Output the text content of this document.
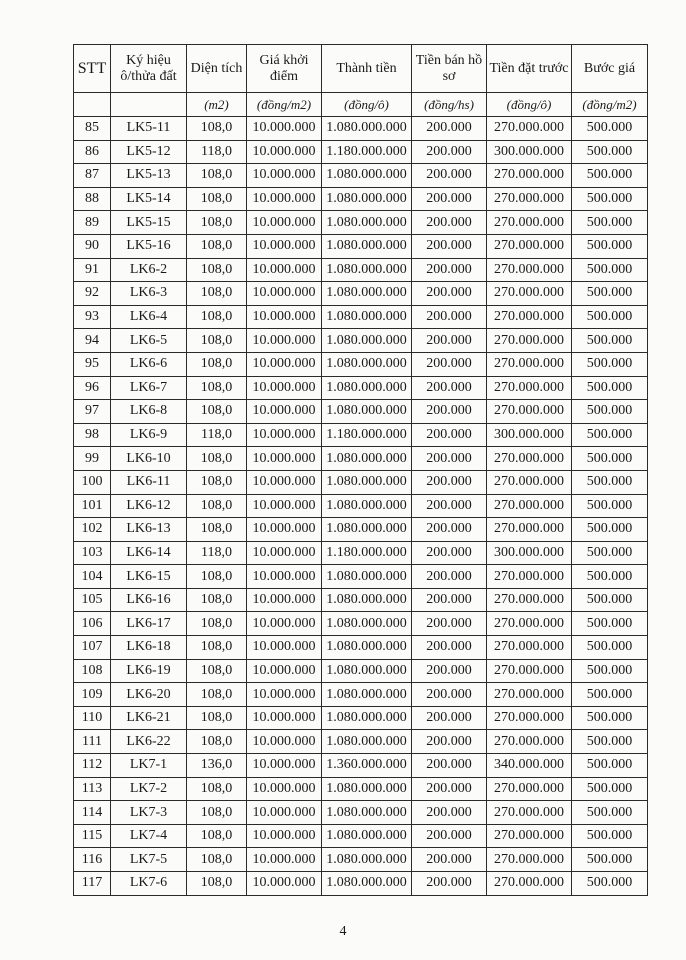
STT	Ký hiệu ô/thửa đất	Diện tích	Giá khởi điểm	Thành tiền	Tiền bán hồ sơ	Tiền đặt trước	Bước giá
		(m2)	(đồng/m2)	(đồng/ô)	(đồng/hs)	(đồng/ô)	(đồng/m2)
85	LK5-11	108,0	10.000.000	1.080.000.000	200.000	270.000.000	500.000
86	LK5-12	118,0	10.000.000	1.180.000.000	200.000	300.000.000	500.000
87	LK5-13	108,0	10.000.000	1.080.000.000	200.000	270.000.000	500.000
88	LK5-14	108,0	10.000.000	1.080.000.000	200.000	270.000.000	500.000
89	LK5-15	108,0	10.000.000	1.080.000.000	200.000	270.000.000	500.000
90	LK5-16	108,0	10.000.000	1.080.000.000	200.000	270.000.000	500.000
91	LK6-2	108,0	10.000.000	1.080.000.000	200.000	270.000.000	500.000
92	LK6-3	108,0	10.000.000	1.080.000.000	200.000	270.000.000	500.000
93	LK6-4	108,0	10.000.000	1.080.000.000	200.000	270.000.000	500.000
94	LK6-5	108,0	10.000.000	1.080.000.000	200.000	270.000.000	500.000
95	LK6-6	108,0	10.000.000	1.080.000.000	200.000	270.000.000	500.000
96	LK6-7	108,0	10.000.000	1.080.000.000	200.000	270.000.000	500.000
97	LK6-8	108,0	10.000.000	1.080.000.000	200.000	270.000.000	500.000
98	LK6-9	118,0	10.000.000	1.180.000.000	200.000	300.000.000	500.000
99	LK6-10	108,0	10.000.000	1.080.000.000	200.000	270.000.000	500.000
100	LK6-11	108,0	10.000.000	1.080.000.000	200.000	270.000.000	500.000
101	LK6-12	108,0	10.000.000	1.080.000.000	200.000	270.000.000	500.000
102	LK6-13	108,0	10.000.000	1.080.000.000	200.000	270.000.000	500.000
103	LK6-14	118,0	10.000.000	1.180.000.000	200.000	300.000.000	500.000
104	LK6-15	108,0	10.000.000	1.080.000.000	200.000	270.000.000	500.000
105	LK6-16	108,0	10.000.000	1.080.000.000	200.000	270.000.000	500.000
106	LK6-17	108,0	10.000.000	1.080.000.000	200.000	270.000.000	500.000
107	LK6-18	108,0	10.000.000	1.080.000.000	200.000	270.000.000	500.000
108	LK6-19	108,0	10.000.000	1.080.000.000	200.000	270.000.000	500.000
109	LK6-20	108,0	10.000.000	1.080.000.000	200.000	270.000.000	500.000
110	LK6-21	108,0	10.000.000	1.080.000.000	200.000	270.000.000	500.000
111	LK6-22	108,0	10.000.000	1.080.000.000	200.000	270.000.000	500.000
112	LK7-1	136,0	10.000.000	1.360.000.000	200.000	340.000.000	500.000
113	LK7-2	108,0	10.000.000	1.080.000.000	200.000	270.000.000	500.000
114	LK7-3	108,0	10.000.000	1.080.000.000	200.000	270.000.000	500.000
115	LK7-4	108,0	10.000.000	1.080.000.000	200.000	270.000.000	500.000
116	LK7-5	108,0	10.000.000	1.080.000.000	200.000	270.000.000	500.000
117	LK7-6	108,0	10.000.000	1.080.000.000	200.000	270.000.000	500.000
4
